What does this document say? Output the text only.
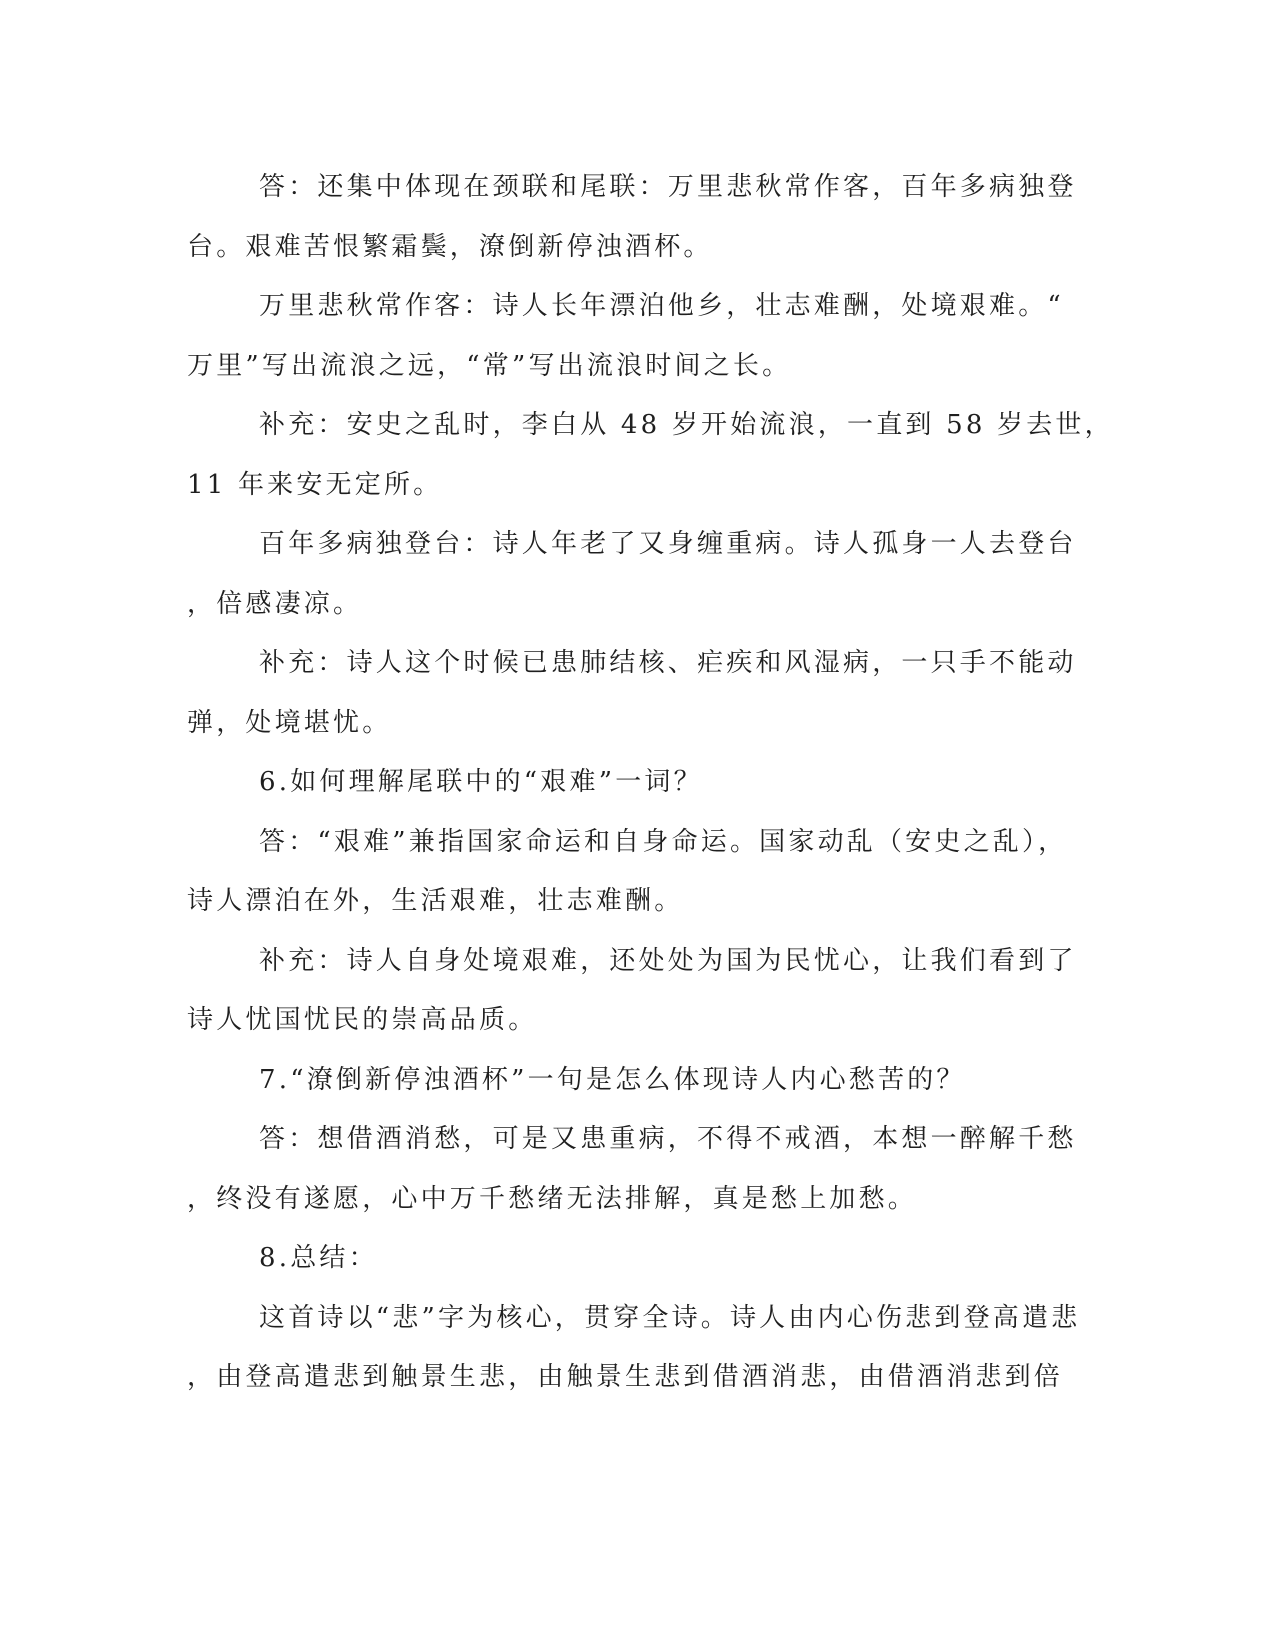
答：还集中体现在颈联和尾联：万里悲秋常作客，百年多病独登
台。艰难苦恨繁霜鬓，潦倒新停浊酒杯。
万里悲秋常作客：诗人长年漂泊他乡，壮志难酬，处境艰难。“
万里”写出流浪之远，“常”写出流浪时间之长。
补充：安史之乱时，李白从 48 岁开始流浪，一直到 58 岁去世，
11 年来安无定所。
百年多病独登台：诗人年老了又身缠重病。诗人孤身一人去登台
，倍感凄凉。
补充：诗人这个时候已患肺结核、疟疾和风湿病，一只手不能动
弹，处境堪忧。
6.如何理解尾联中的“艰难”一词？
答：“艰难”兼指国家命运和自身命运。国家动乱（安史之乱），
诗人漂泊在外，生活艰难，壮志难酬。
补充：诗人自身处境艰难，还处处为国为民忧心，让我们看到了
诗人忧国忧民的崇高品质。
7.“潦倒新停浊酒杯”一句是怎么体现诗人内心愁苦的？
答：想借酒消愁，可是又患重病，不得不戒酒，本想一醉解千愁
，终没有遂愿，心中万千愁绪无法排解，真是愁上加愁。
8.总结：
这首诗以“悲”字为核心，贯穿全诗。诗人由内心伤悲到登高遣悲
，由登高遣悲到触景生悲，由触景生悲到借酒消悲，由借酒消悲到倍
